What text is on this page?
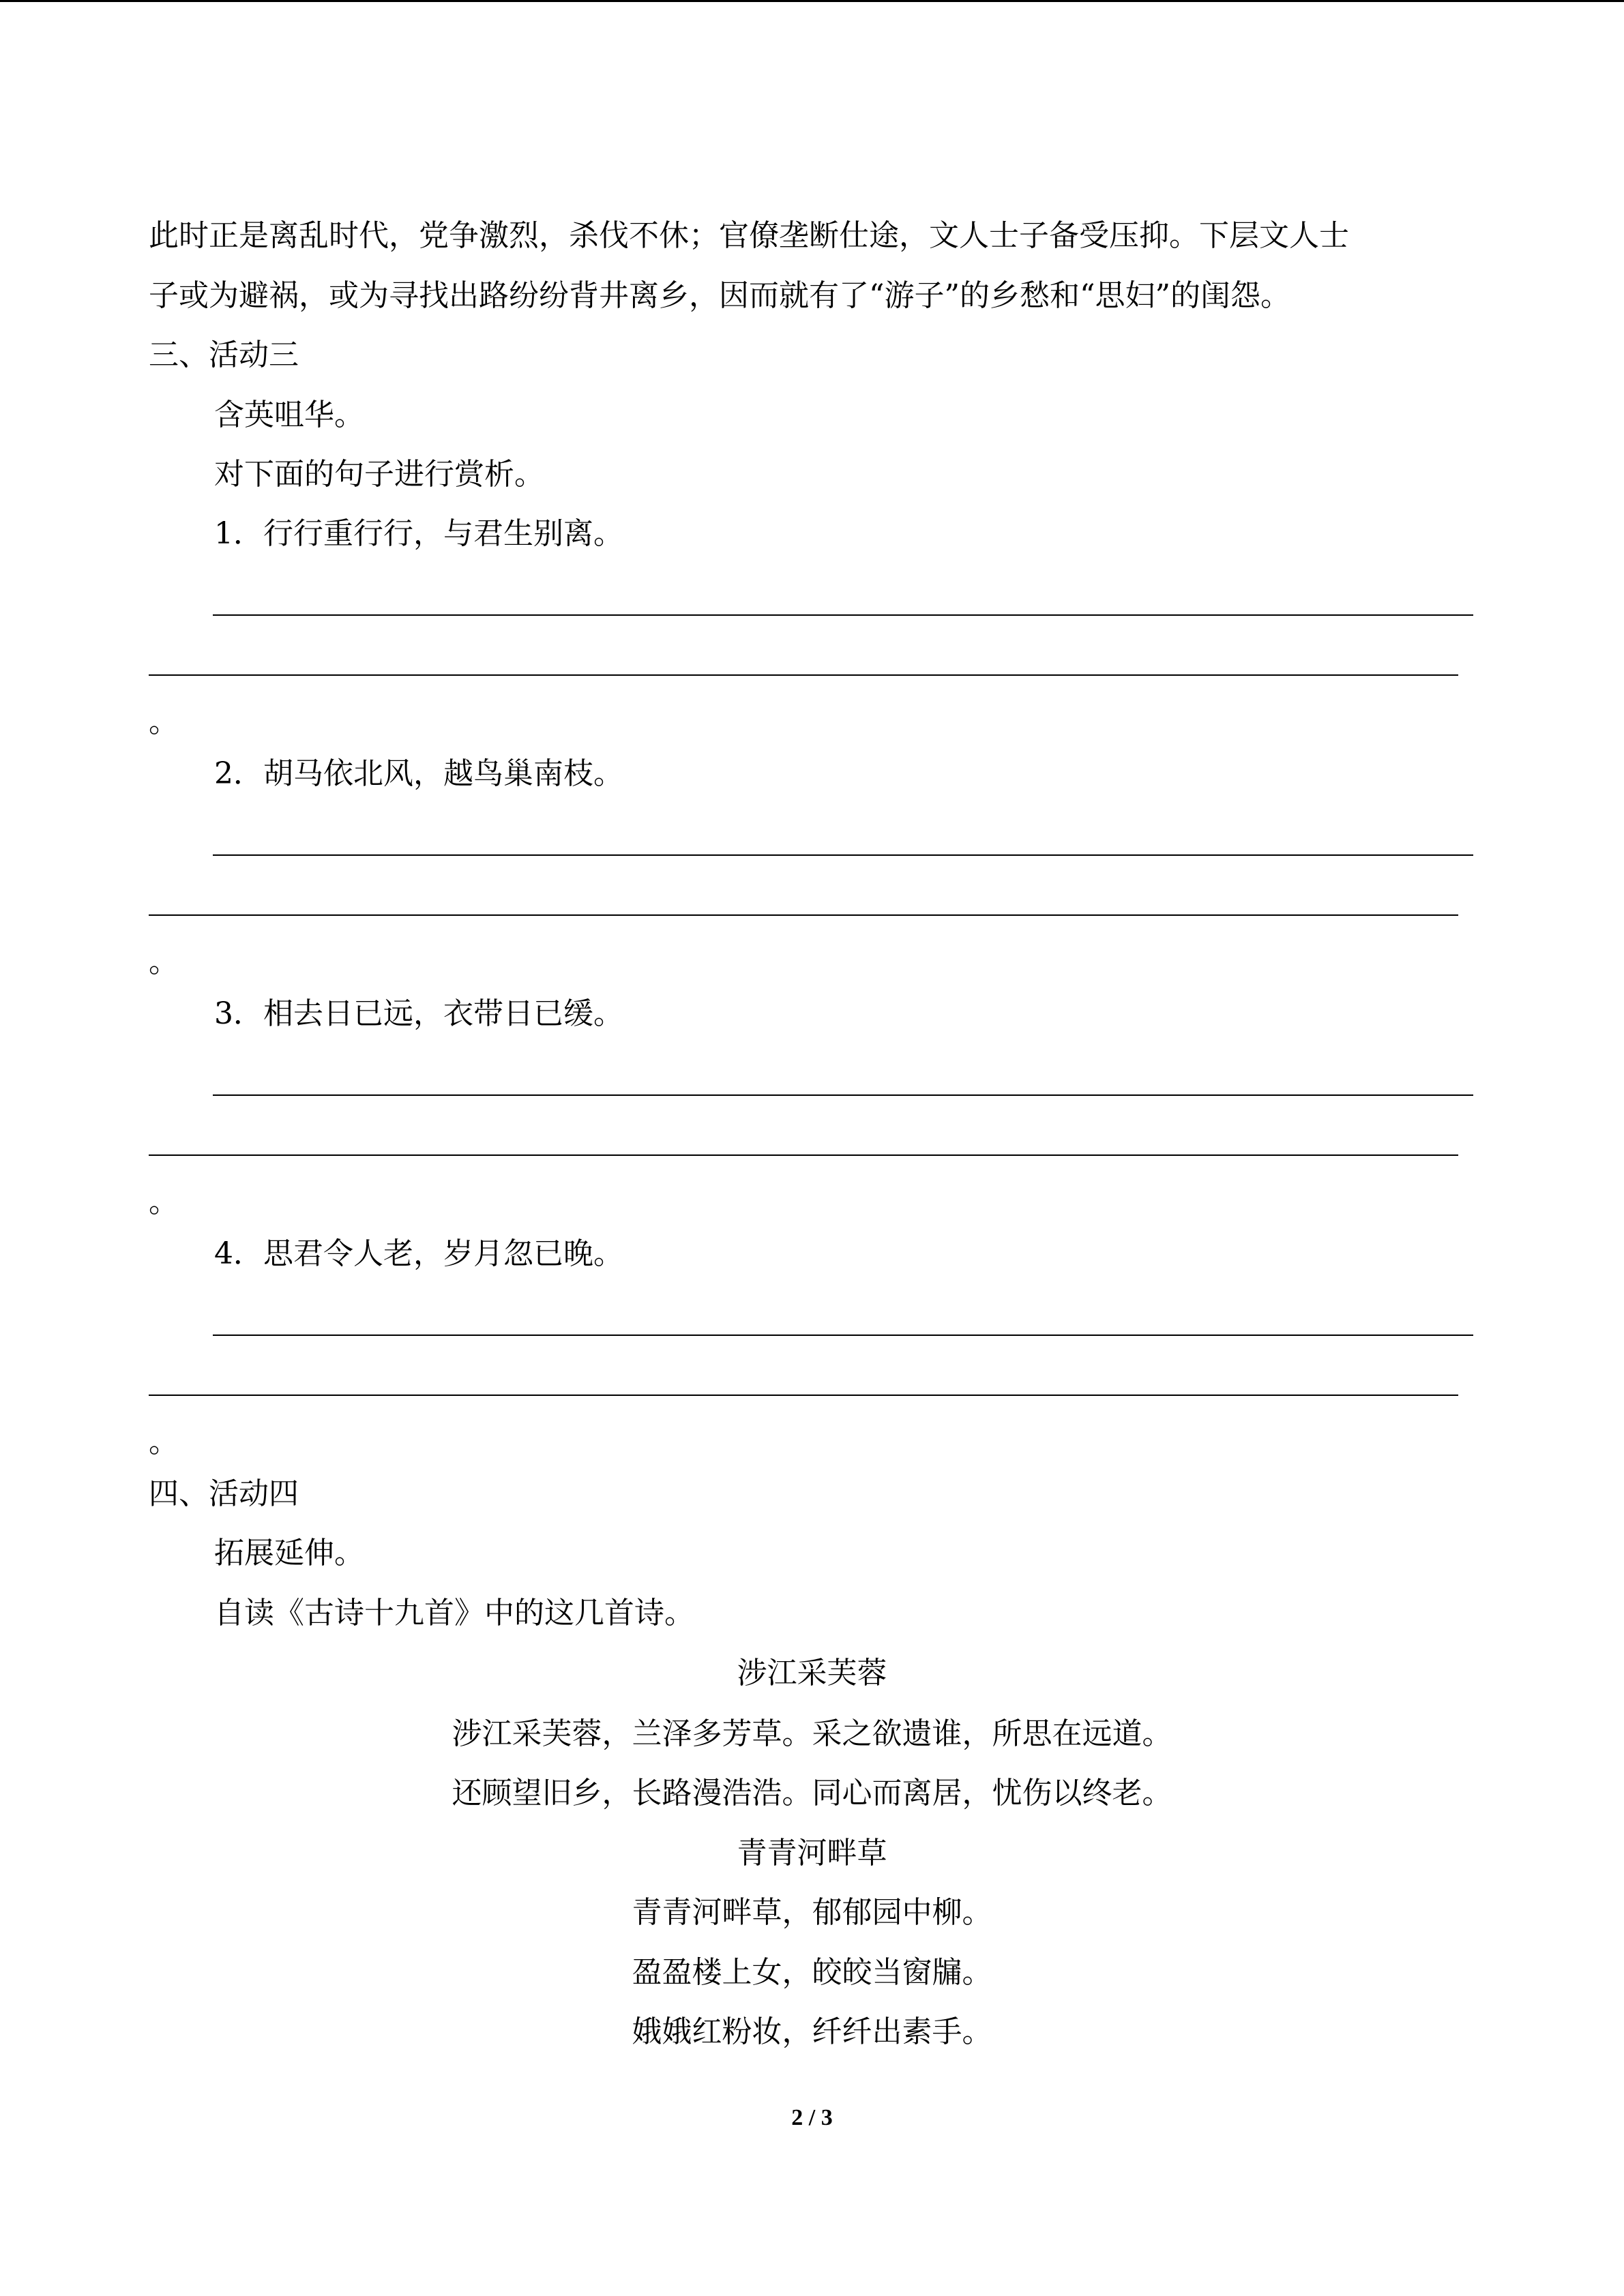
此时正是离乱时代，党争激烈，杀伐不休；官僚垄断仕途，文人士子备受压抑。下层文人士
子或为避祸，或为寻找出路纷纷背井离乡，因而就有了“游子”的乡愁和“思妇”的闺怨。
三、活动三
含英咀华。
对下面的句子进行赏析。
1．行行重行行，与君生别离。
。
2．胡马依北风，越鸟巢南枝。
。
3．相去日已远，衣带日已缓。
。
4．思君令人老，岁月忽已晚。
。
四、活动四
拓展延伸。
自读《古诗十九首》中的这几首诗。
涉江采芙蓉
涉江采芙蓉，兰泽多芳草。采之欲遗谁，所思在远道。
还顾望旧乡，长路漫浩浩。同心而离居，忧伤以终老。
青青河畔草
青青河畔草，郁郁园中柳。
盈盈楼上女，皎皎当窗牖。
娥娥红粉妆，纤纤出素手。
2 / 3
